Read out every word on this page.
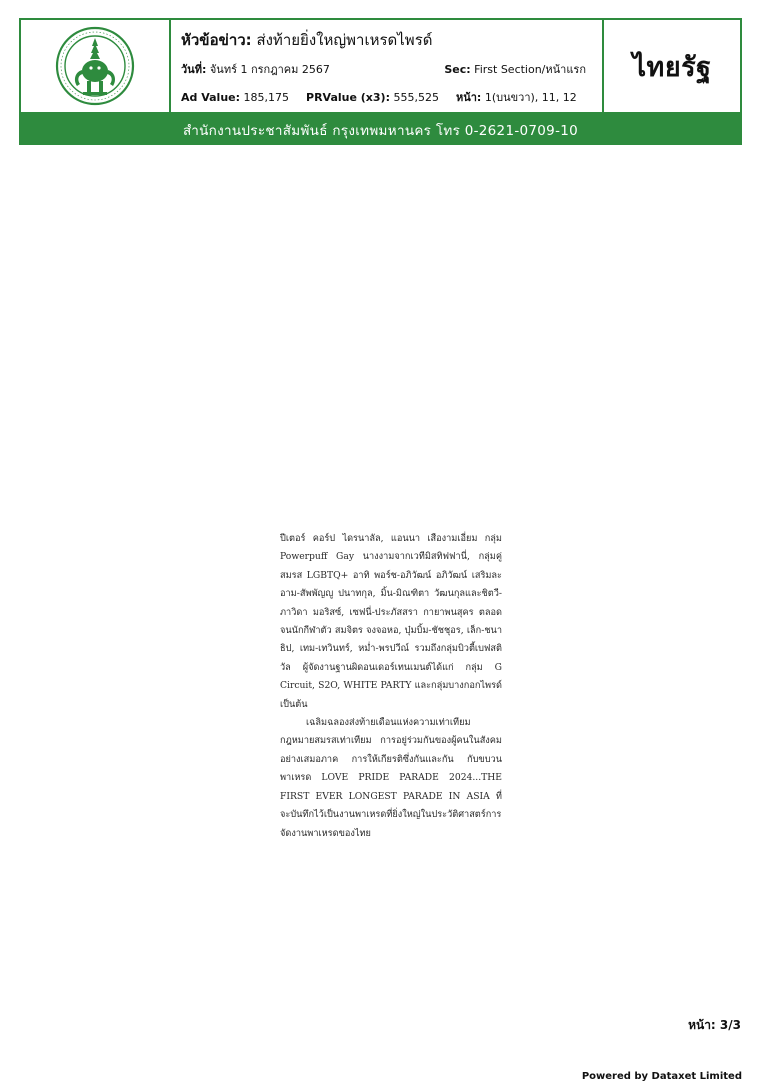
หัวข้อข่าว: ส่งท้ายยิ่งใหญ่พาเหรดไพรด์
วันที่: จันทร์ 1 กรกฎาคม 2567	Sec: First Section/หน้าแรก
Ad Value: 185,175 PRValue (x3): 555,525 หน้า: 1(บนขวา), 11, 12
ไทยรัฐ
สำนักงานประชาสัมพันธ์ กรุงเทพมหานคร โทร 0-2621-0709-10

ปีเตอร์ คอร์ป ไดรนาลัล, แอนนา เสืองามเอี่ยม กลุ่ม Powerpuff Gay นางงามจากเวทีมิสทิฟฟานี่, กลุ่มคู่สมรส LGBTQ+ อาทิ พอร์ช-อภิวัฒน์ อภิวัฒน์ เสริมละอาม-สัพพัญญู ปนาทกุล, มิ้น-มิณฑิตา วัฒนกุลและชิตวี-ภาวิดา มอริสซ์, เซฟนี่-ประภัสสรา กายาพนสุคร ตลอดจนนักกีฬาตัว สมจิตร จงจอหอ, บุ๋มบิ้ม-ชัชชุอร, เล็ก-ชนาธิป, เทม-เทวินทร์, หม่ำ-พรปวีณ์ รวมถึงกลุ่มบิวตี้เบฟสติวัล ผู้จัดงานฐานผิดอนเดอร์เทนเมนต์ได้แก่ กลุ่ม G Circuit, S2O, WHITE PARTY และกลุ่มบางกอกไพรด์ เป็นต้น

เฉลิมฉลองส่งท้ายเดือนแห่งความเท่าเทียม กฎหมายสมรสเท่าเทียม การอยู่ร่วมกันของผู้คนในสังคมอย่างเสมอภาค การให้เกียรติซึ่งกันและกัน กับขบวนพาเหรด LOVE PRIDE PARADE 2024...THE FIRST EVER LONGEST PARADE IN ASIA ที่จะบันทึกไว้เป็นงานพาเหรดที่ยิ่งใหญ่ในประวัติศาสตร์การจัดงานพาเหรดของไทย

หน้า: 3/3
Powered by Dataxet Limited
